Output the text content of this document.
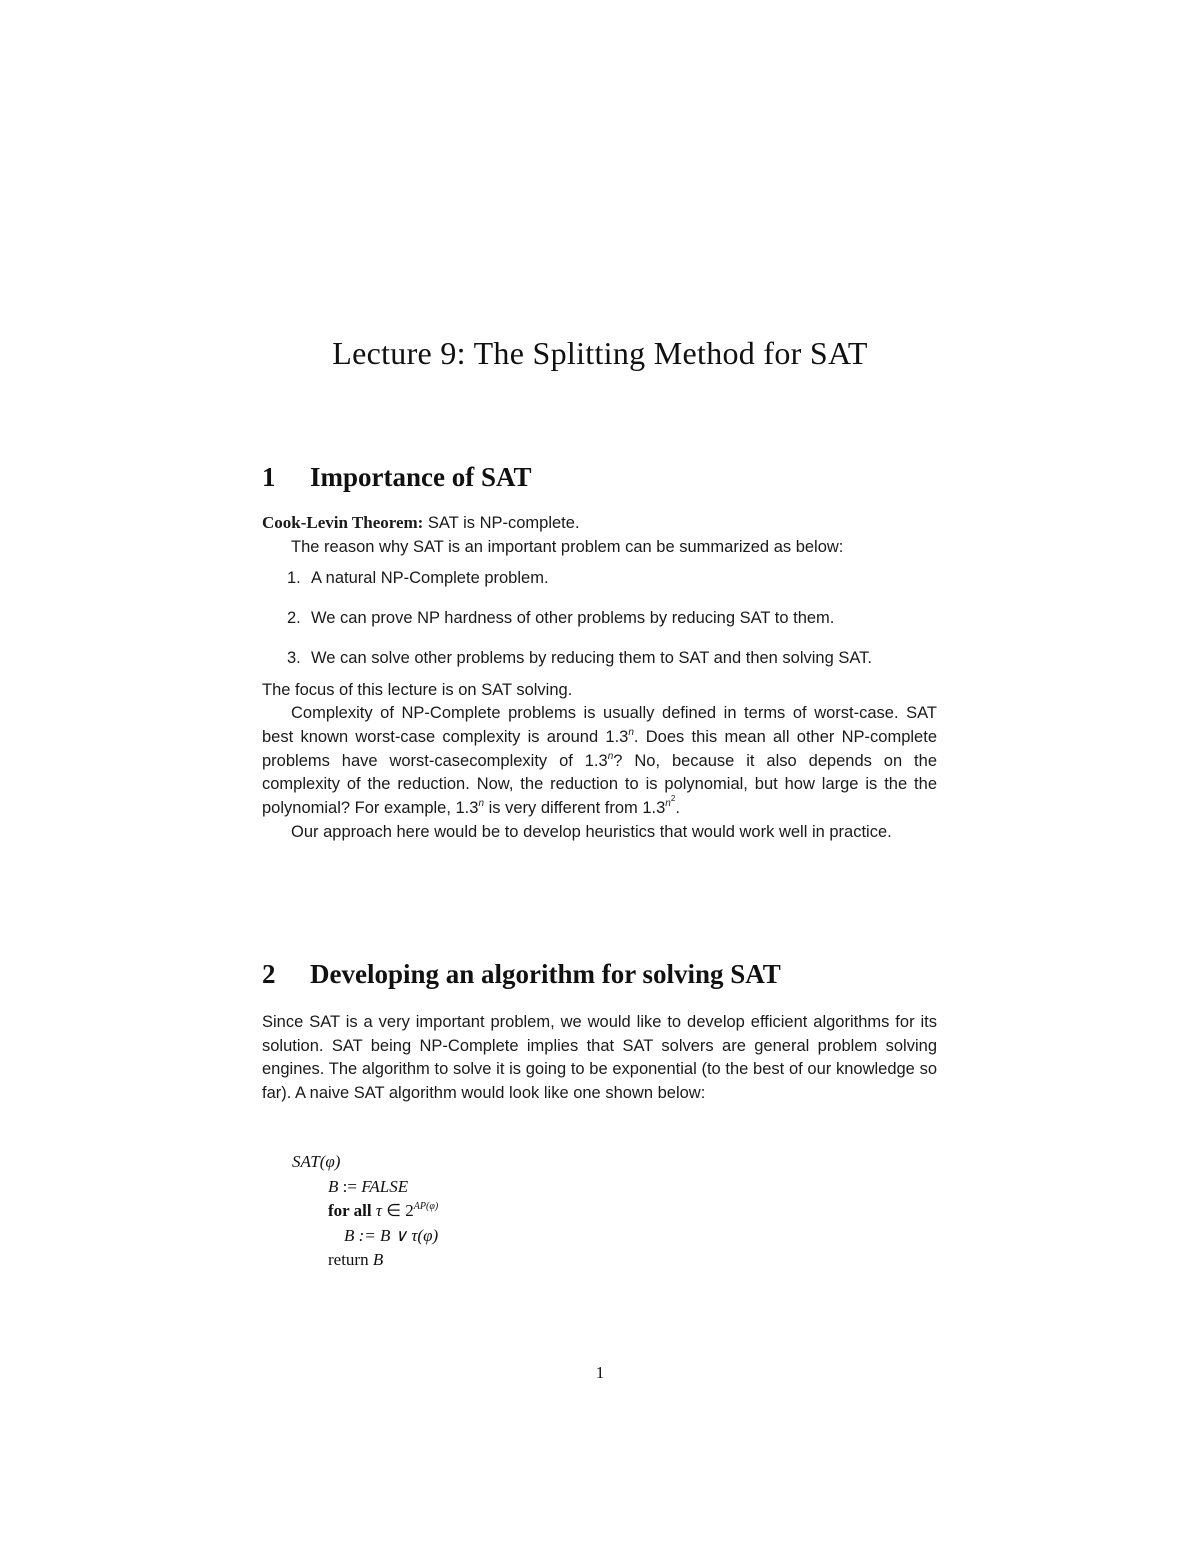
Lecture 9: The Splitting Method for SAT
1 Importance of SAT

Cook-Levin Theorem: SAT is NP-complete.

The reason why SAT is an important problem can be summarized as below:

1. A natural NP-Complete problem.
2. We can prove NP hardness of other problems by reducing SAT to them.
3. We can solve other problems by reducing them to SAT and then solving SAT.

The focus of this lecture is on SAT solving.

Complexity of NP-Complete problems is usually defined in terms of worst-case. SAT best known worst-case complexity is around 1.3$^n$. Does this mean all other NP-complete problems have worst-casecomplexity of 1.3$^n$? No, because it also depends on the complexity of the reduction. Now, the reduction to is polynomial, but how large is the the polynomial? For example, 1.3$^n$ is very different from $1.3^{n^2}$.

Our approach here would be to develop heuristics that would work well in practice.

2 Developing an algorithm for solving SAT

Since SAT is a very important problem, we would like to develop efficient algorithms for its solution. SAT being NP-Complete implies that SAT solvers are general problem solving engines. The algorithm to solve it is going to be exponential (to the best of our knowledge so far). A naive SAT algorithm would look like one shown below:

SAT(φ)
B := FALSE
for all τ ∈ $2^{AP(\varphi)}$
B := B ∨ τ(φ)
return B
1
